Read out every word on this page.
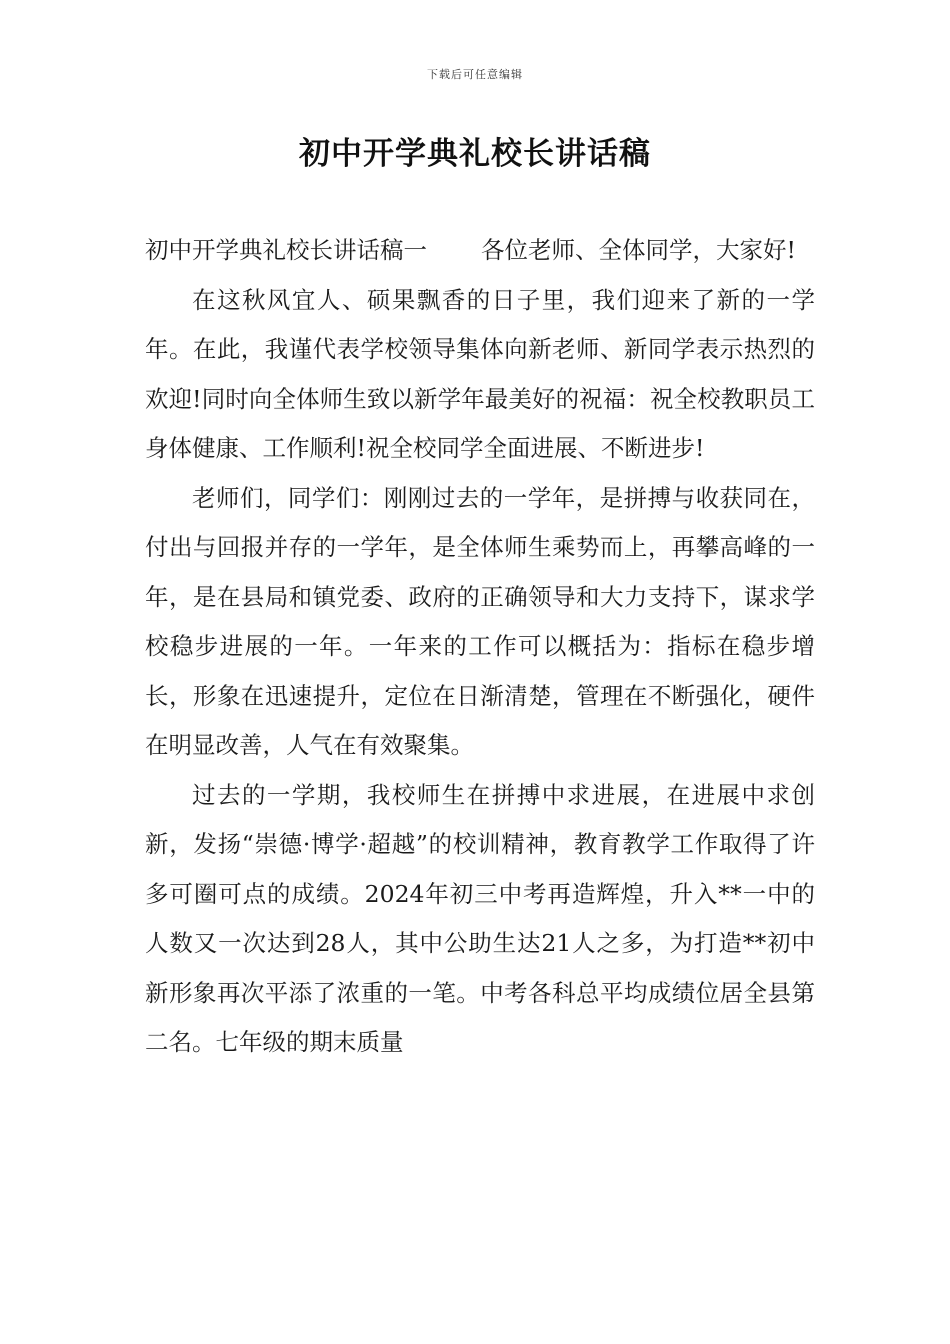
下载后可任意编辑
初中开学典礼校长讲话稿

初中开学典礼校长讲话稿一 各位老师、全体同学，大家好!

在这秋风宜人、硕果飘香的日子里，我们迎来了新的一学年。在此，我谨代表学校领导集体向新老师、新同学表示热烈的欢迎!同时向全体师生致以新学年最美好的祝福：祝全校教职员工身体健康、工作顺利!祝全校同学全面进展、不断进步!

老师们，同学们：刚刚过去的一学年，是拼搏与收获同在，付出与回报并存的一学年，是全体师生乘势而上，再攀高峰的一年，是在县局和镇党委、政府的正确领导和大力支持下，谋求学校稳步进展的一年。一年来的工作可以概括为：指标在稳步增长，形象在迅速提升，定位在日渐清楚，管理在不断强化，硬件在明显改善，人气在有效聚集。

过去的一学期，我校师生在拼搏中求进展，在进展中求创新，发扬“崇德·博学·超越”的校训精神，教育教学工作取得了许多可圈可点的成绩。2024年初三中考再造辉煌，升入**一中的人数又一次达到28人，其中公助生达21人之多，为打造**初中新形象再次平添了浓重的一笔。中考各科总平均成绩位居全县第二名。七年级的期末质量
